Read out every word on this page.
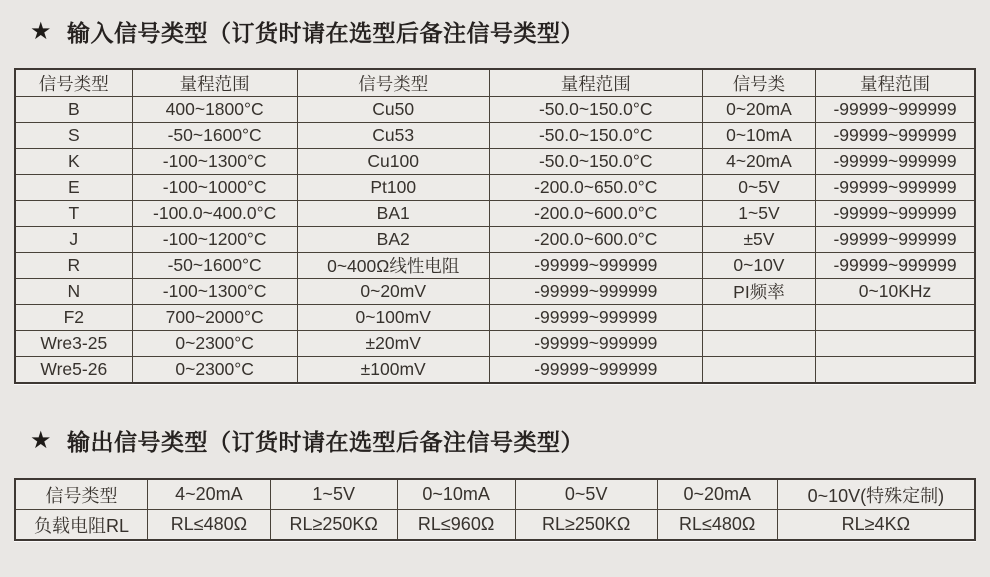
★ 输入信号类型（订货时请在选型后备注信号类型）
信号类型	量程范围	信号类型	量程范围	信号类	量程范围
B	400~1800°C	Cu50	-50.0~150.0°C	0~20mA	-99999~999999
S	-50~1600°C	Cu53	-50.0~150.0°C	0~10mA	-99999~999999
K	-100~1300°C	Cu100	-50.0~150.0°C	4~20mA	-99999~999999
E	-100~1000°C	Pt100	-200.0~650.0°C	0~5V	-99999~999999
T	-100.0~400.0°C	BA1	-200.0~600.0°C	1~5V	-99999~999999
J	-100~1200°C	BA2	-200.0~600.0°C	±5V	-99999~999999
R	-50~1600°C	0~400Ω线性电阻	-99999~999999	0~10V	-99999~999999
N	-100~1300°C	0~20mV	-99999~999999	PI频率	0~10KHz
F2	700~2000°C	0~100mV	-99999~999999		
Wre3-25	0~2300°C	±20mV	-99999~999999		
Wre5-26	0~2300°C	±100mV	-99999~999999		
★ 输出信号类型（订货时请在选型后备注信号类型）
信号类型	4~20mA	1~5V	0~10mA	0~5V	0~20mA	0~10V(特殊定制)
负载电阻RL	RL≤480Ω	RL≥250KΩ	RL≤960Ω	RL≥250KΩ	RL≤480Ω	RL≥4KΩ
